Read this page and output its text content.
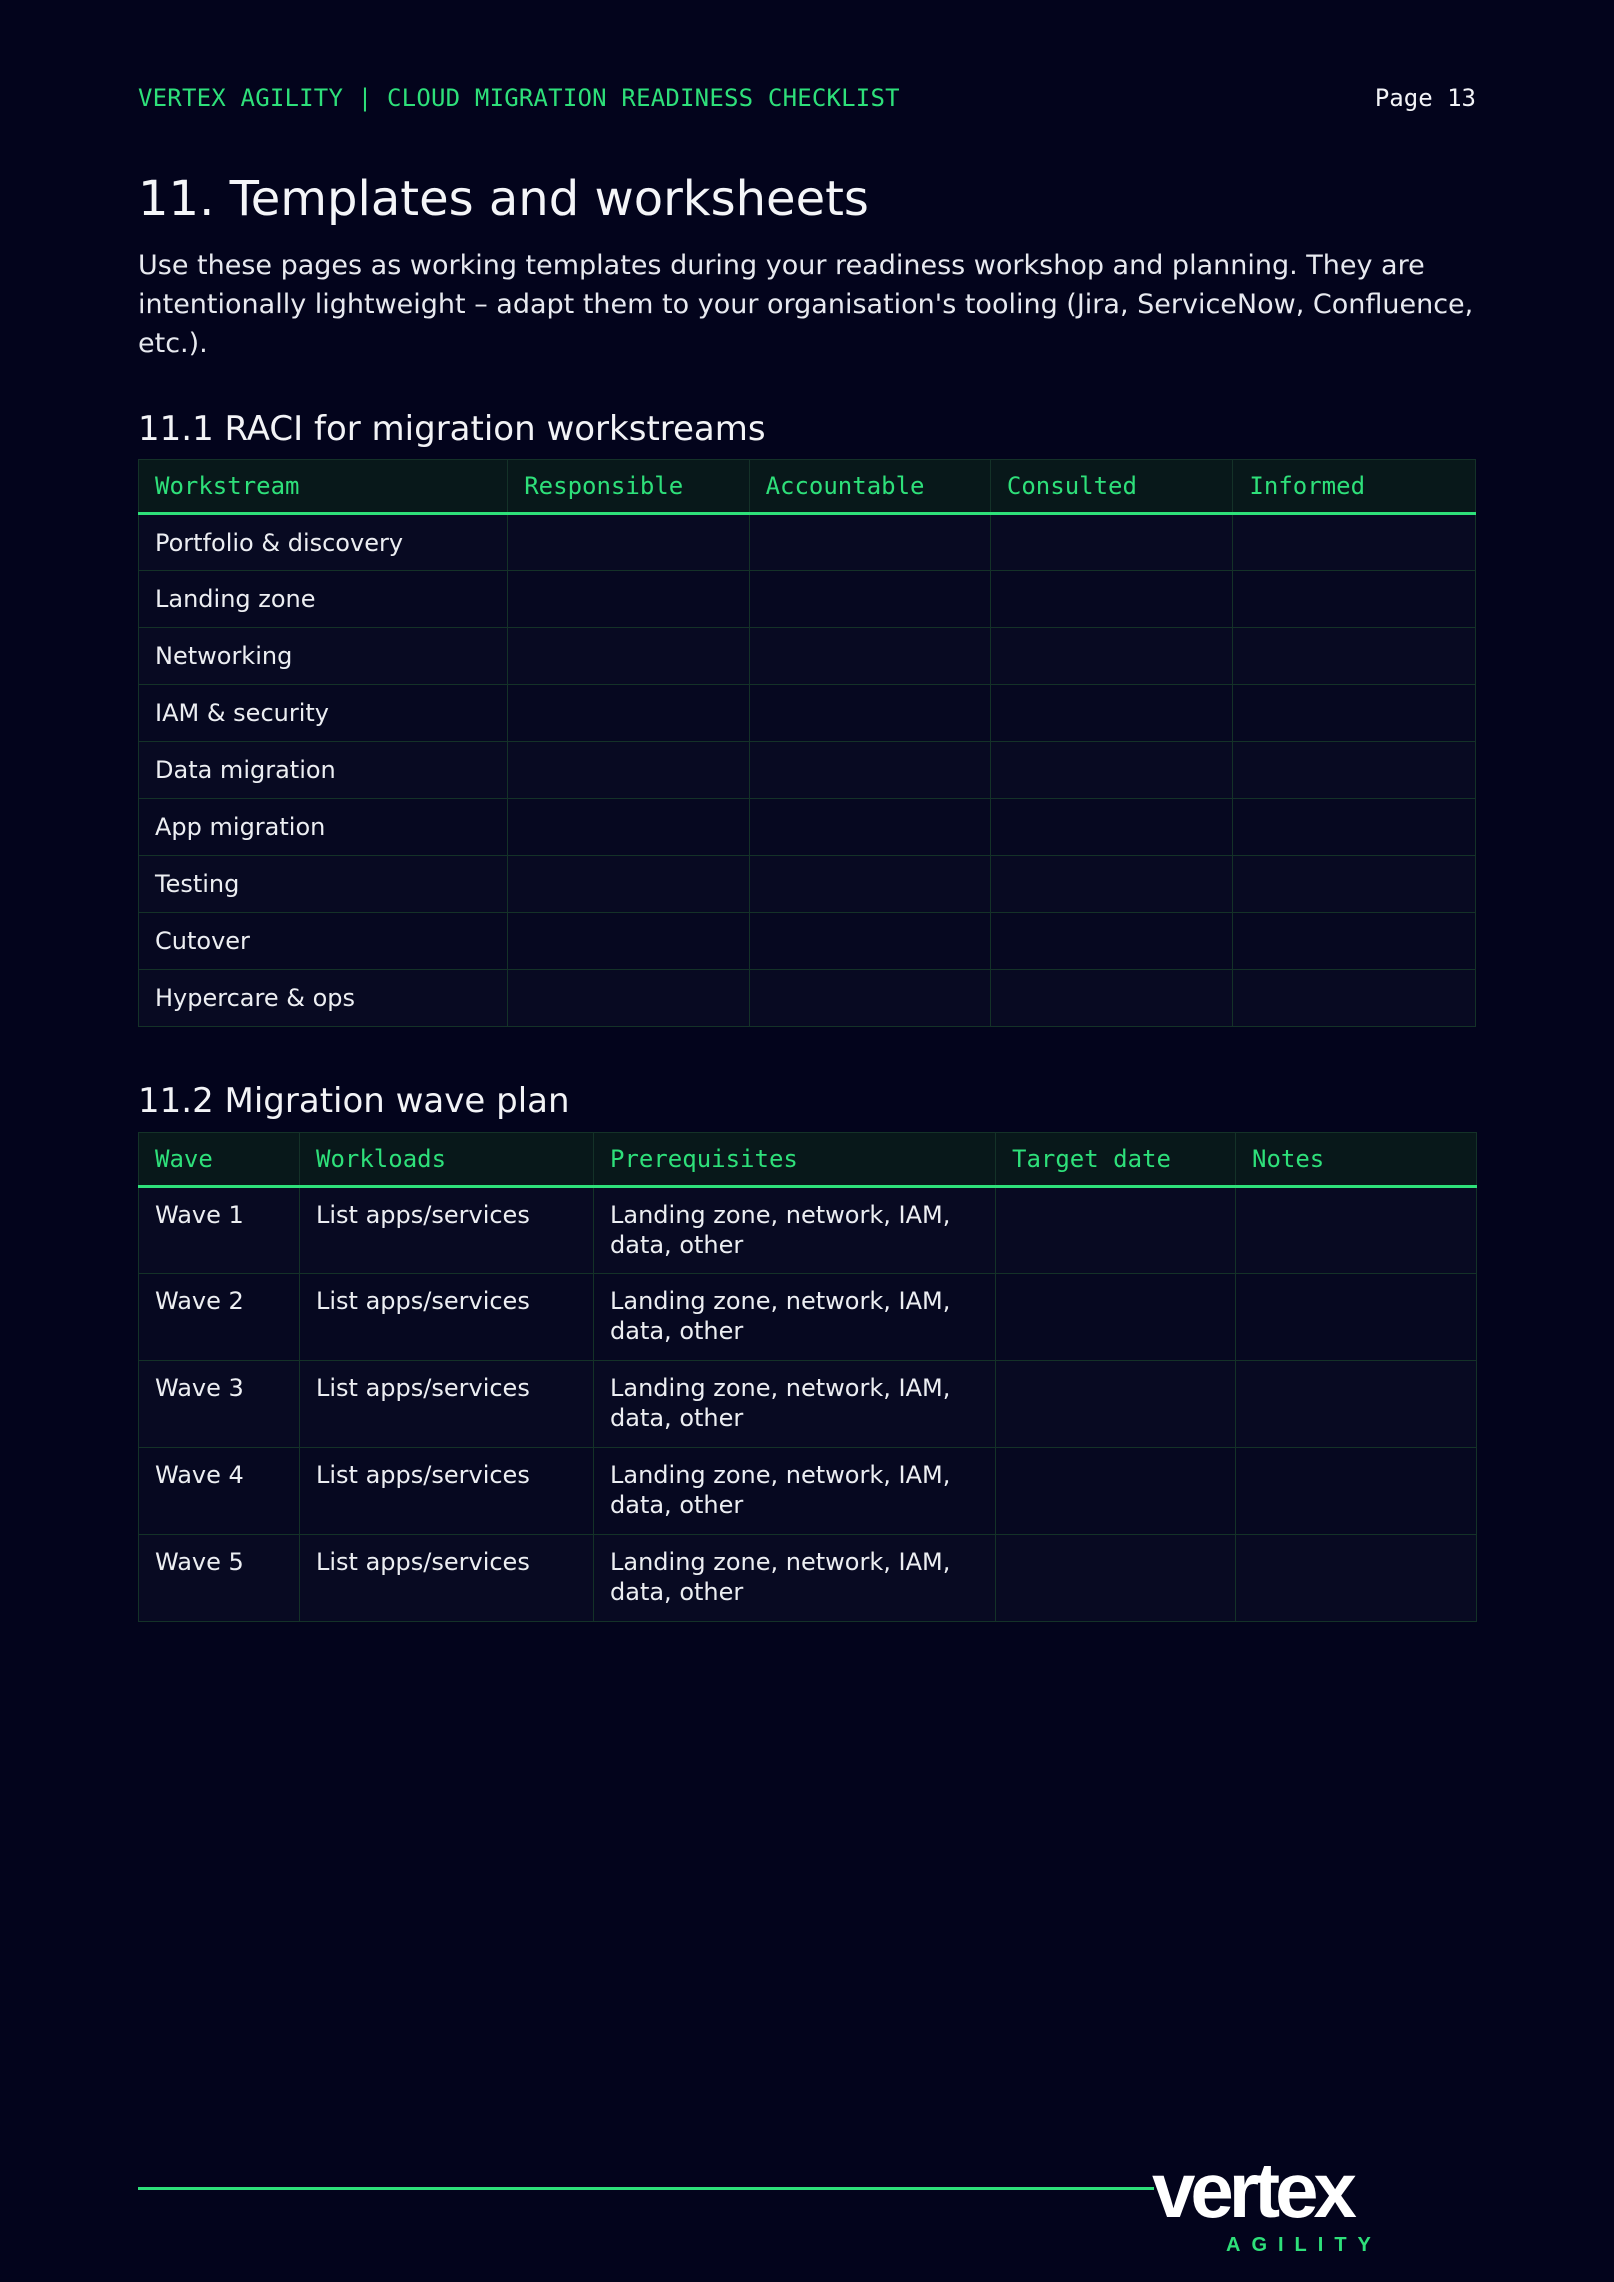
VERTEX AGILITY | CLOUD MIGRATION READINESS CHECKLIST	Page 13
11. Templates and worksheets

Use these pages as working templates during your readiness workshop and planning. They are intentionally lightweight – adapt them to your organisation's tooling (Jira, ServiceNow, Confluence, etc.).

11.1 RACI for migration workstreams
Workstream	Responsible	Accountable	Consulted	Informed
Portfolio & discovery				
Landing zone				
Networking				
IAM & security				
Data migration				
App migration				
Testing				
Cutover				
Hypercare & ops				
11.2 Migration wave plan
Wave	Workloads	Prerequisites	Target date	Notes
Wave 1	List apps/services	Landing zone, network, IAM, data, other		
Wave 2	List apps/services	Landing zone, network, IAM, data, other		
Wave 3	List apps/services	Landing zone, network, IAM, data, other		
Wave 4	List apps/services	Landing zone, network, IAM, data, other		
Wave 5	List apps/services	Landing zone, network, IAM, data, other		
vertex
AGILITY
